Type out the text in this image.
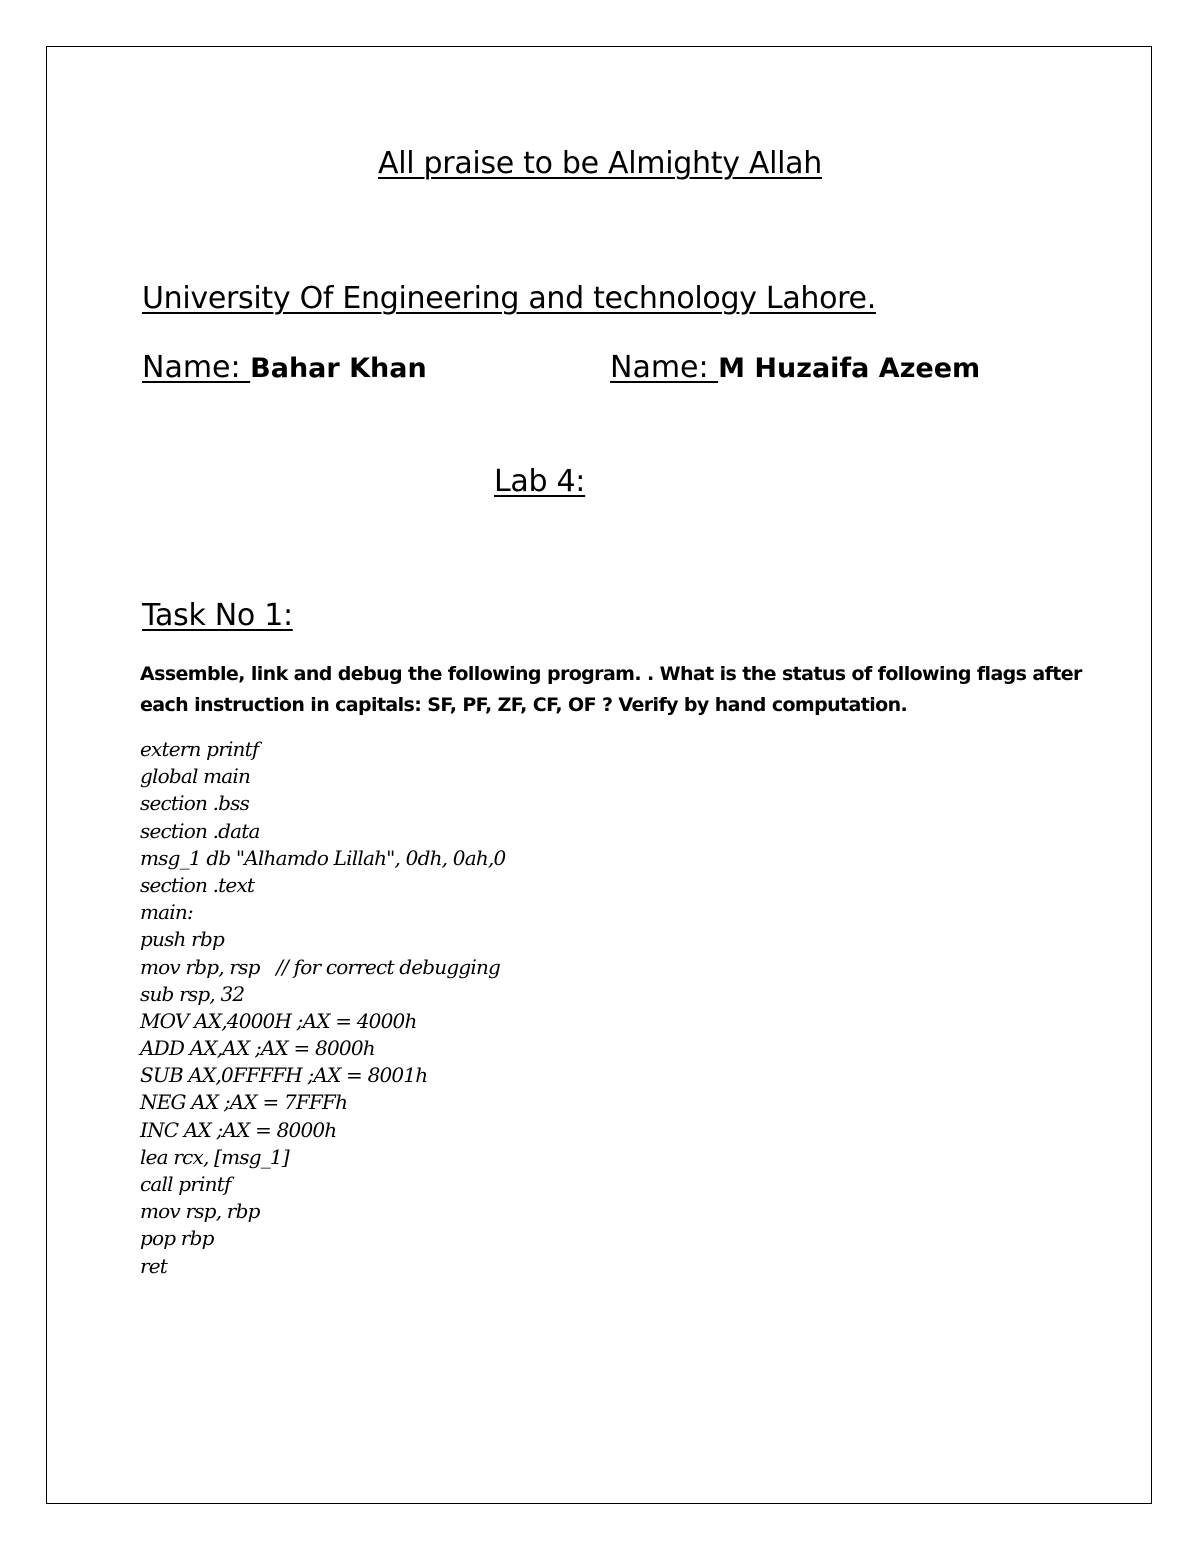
All praise to be Almighty Allah
University Of Engineering and technology Lahore.
Name: Bahar Khan	Name: M Huzaifa Azeem
Lab 4:
Task No 1:
Assemble, link and debug the following program. . What is the status of following flags after each instruction in capitals: SF, PF, ZF, CF, OF ? Verify by hand computation.
extern printf
global main
section .bss
section .data
msg_1 db "Alhamdo Lillah", 0dh, 0ah,0
section .text
main:
push rbp
mov rbp, rsp   // for correct debugging
sub rsp, 32
MOV AX,4000H ;AX = 4000h
ADD AX,AX ;AX = 8000h
SUB AX,0FFFFH ;AX = 8001h
NEG AX ;AX = 7FFFh
INC AX ;AX = 8000h
lea rcx, [msg_1]
call printf
mov rsp, rbp
pop rbp
ret
